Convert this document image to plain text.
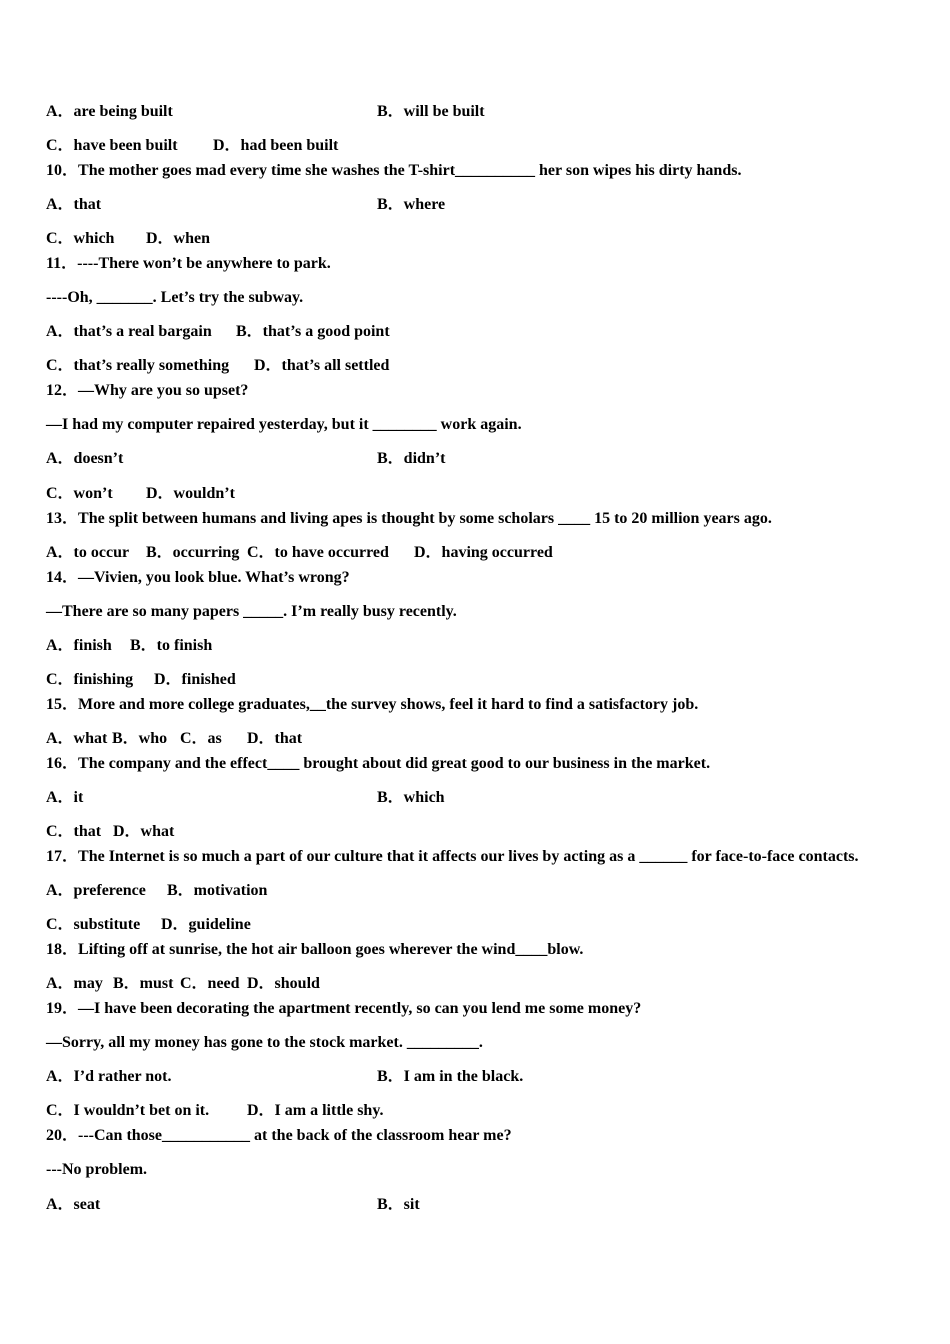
A．are being built	B．will be built
C．have been built D．had been built
10．The mother goes mad every time she washes the T-shirt__________ her son wipes his dirty hands.
A．that	B．where
C．which D．when
11．----There won’t be anywhere to park.
----Oh, _______. Let’s try the subway.
A．that’s a real bargain B．that’s a good point
C．that’s really something D．that’s all settled
12．—Why are you so upset?
—I had my computer repaired yesterday, but it ________ work again.
A．doesn’t	B．didn’t
C．won’t D．wouldn’t
13．The split between humans and living apes is thought by some scholars ____ 15 to 20 million years ago.
A．to occur B．occurring C．to have occurred D．having occurred
14．—Vivien, you look blue. What’s wrong?
—There are so many papers _____. I’m really busy recently.
A．finish B．to finish
C．finishing D．finished
15．More and more college graduates,__the survey shows, feel it hard to find a satisfactory job.
A．what B．who C．as D．that
16．The company and the effect____ brought about did great good to our business in the market.
A．it	B．which
C．that D．what
17．The Internet is so much a part of our culture that it affects our lives by acting as a ______ for face-to-face contacts.
A．preference B．motivation
C．substitute D．guideline
18．Lifting off at sunrise, the hot air balloon goes wherever the wind____blow.
A．may B．must C．need D．should
19．—I have been decorating the apartment recently, so can you lend me some money?
—Sorry, all my money has gone to the stock market. _________.
A．I’d rather not.	B．I am in the black.
C．I wouldn’t bet on it. D．I am a little shy.
20．---Can those___________ at the back of the classroom hear me?
---No problem.
A．seat	B．sit
